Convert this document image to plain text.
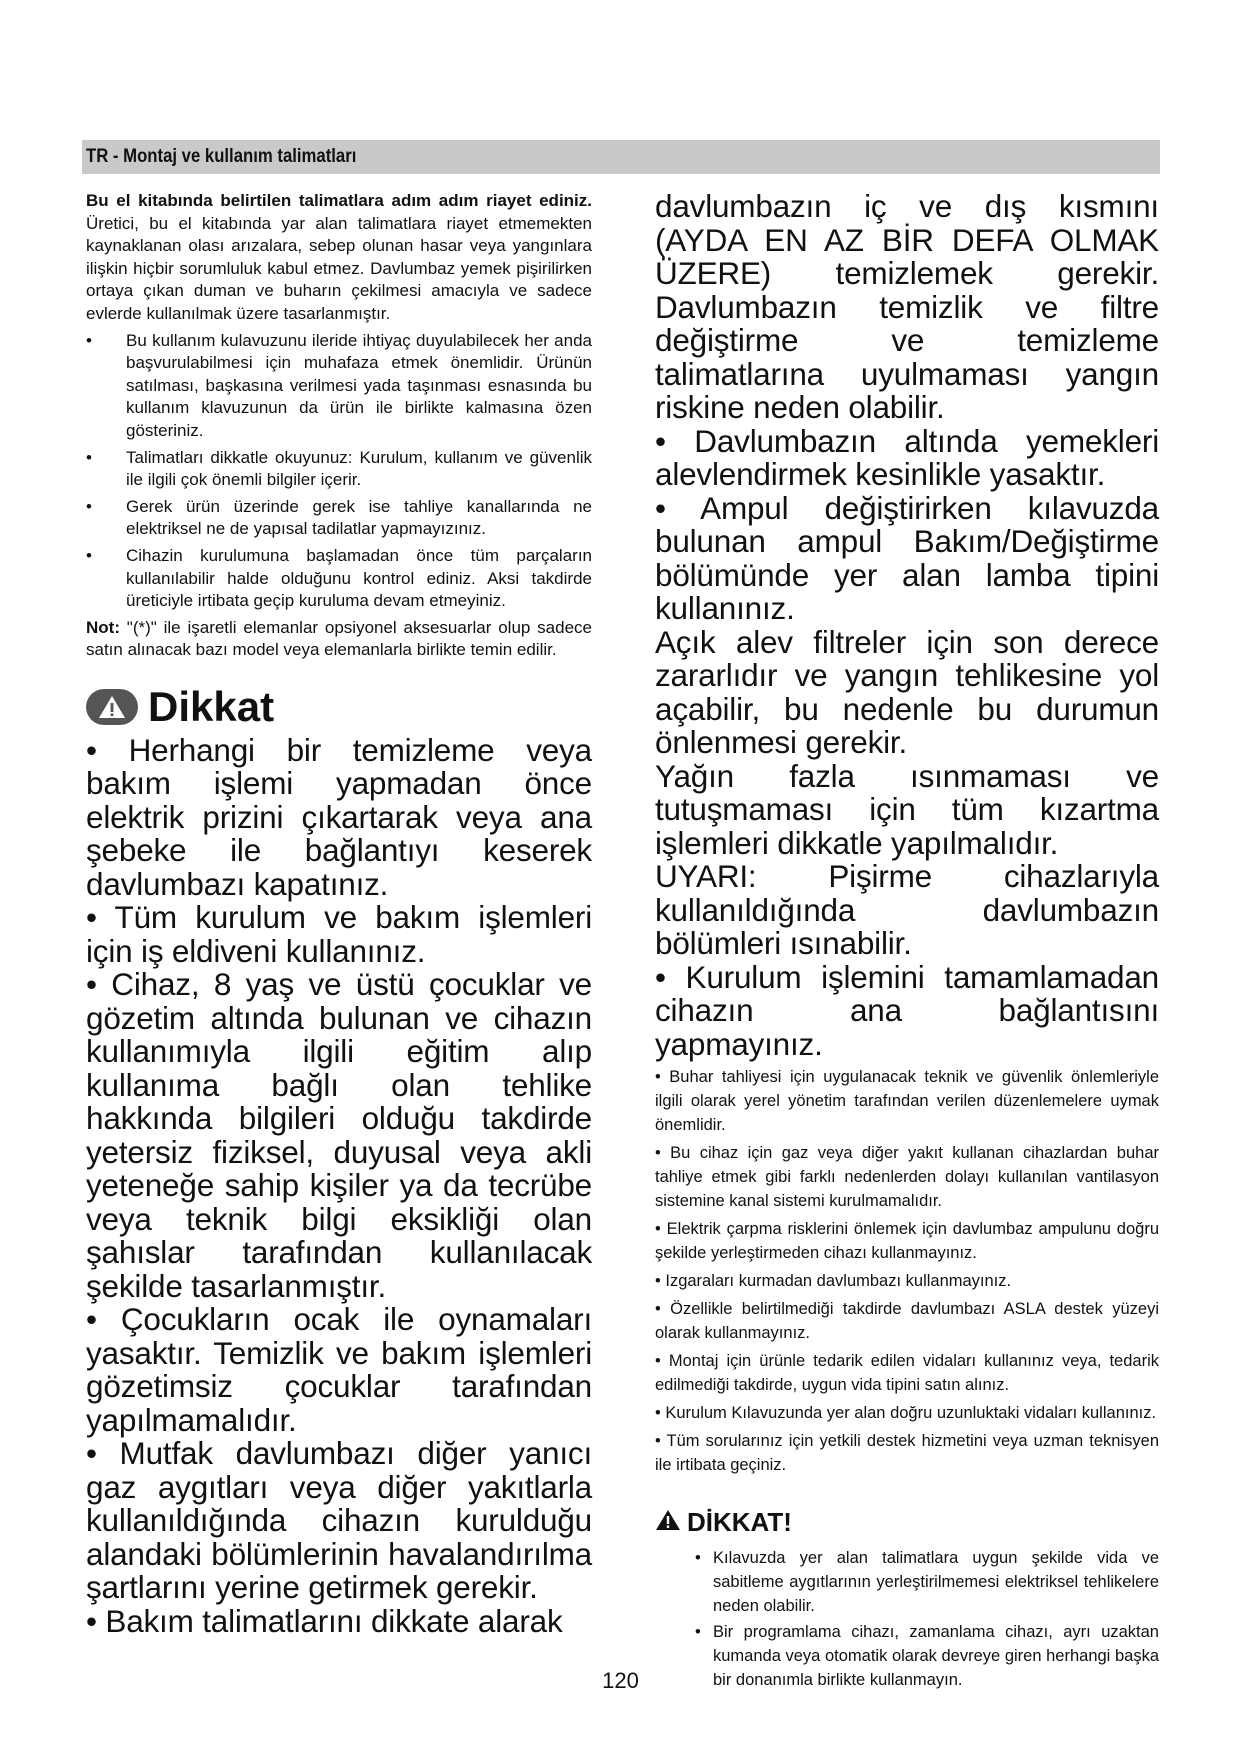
TR - Montaj ve kullanım talimatları

Bu el kitabında belirtilen talimatlara adım adım riayet ediniz. Üretici, bu el kitabında yar alan talimatlara riayet etmemekten kaynaklanan olası arızalara, sebep olunan hasar veya yangınlara ilişkin hiçbir sorumluluk kabul etmez. Davlumbaz yemek pişirilirken ortaya çıkan duman ve buharın çekilmesi amacıyla ve sadece evlerde kullanılmak üzere tasarlanmıştır.

• Bu kullanım kulavuzunu ileride ihtiyaç duyulabilecek her anda başvurulabilmesi için muhafaza etmek önemlidir. Ürünün satılması, başkasına verilmesi yada taşınması esnasında bu kullanım klavuzunun da ürün ile birlikte kalmasına özen gösteriniz.
• Talimatları dikkatle okuyunuz: Kurulum, kullanım ve güvenlik ile ilgili çok önemli bilgiler içerir.
• Gerek ürün üzerinde gerek ise tahliye kanallarında ne elektriksel ne de yapısal tadilatlar yapmayızınız.
• Cihazin kurulumuna başlamadan önce tüm parçaların kullanılabilir halde olduğunu kontrol ediniz. Aksi takdirde üreticiyle irtibata geçip kuruluma devam etmeyiniz.

Not: "(*)" ile işaretli elemanlar opsiyonel aksesuarlar olup sadece satın alınacak bazı model veya elemanlarla birlikte temin edilir.

Dikkat

• Herhangi bir temizleme veya bakım işlemi yapmadan önce elektrik prizini çıkartarak veya ana şebeke ile bağlantıyı keserek davlumbazı kapatınız.

• Tüm kurulum ve bakım işlemleri için iş eldiveni kullanınız.

• Cihaz, 8 yaş ve üstü çocuklar ve gözetim altında bulunan ve cihazın kullanımıyla ilgili eğitim alıp kullanıma bağlı olan tehlike hakkında bilgileri olduğu takdirde yetersiz fiziksel, duyusal veya akli yeteneğe sahip kişiler ya da tecrübe veya teknik bilgi eksikliği olan şahıslar tarafından kullanılacak şekilde tasarlanmıştır.

• Çocukların ocak ile oynamaları yasaktır. Temizlik ve bakım işlemleri gözetimsiz çocuklar tarafından yapılmamalıdır.

• Mutfak davlumbazı diğer yanıcı gaz aygıtları veya diğer yakıtlarla kullanıldığında cihazın kurulduğu alandaki bölümlerinin havalandırılma şartlarını yerine getirmek gerekir.

• Bakım talimatlarını dikkate alarak

davlumbazın iç ve dış kısmını (AYDA EN AZ BİR DEFA OLMAK ÜZERE) temizlemek gerekir. Davlumbazın temizlik ve filtre değiştirme ve temizleme talimatlarına uyulmaması yangın riskine neden olabilir.

• Davlumbazın altında yemekleri alevlendirmek kesinlikle yasaktır.

• Ampul değiştirirken kılavuzda bulunan ampul Bakım/Değiştirme bölümünde yer alan lamba tipini kullanınız.

Açık alev filtreler için son derece zararlıdır ve yangın tehlikesine yol açabilir, bu nedenle bu durumun önlenmesi gerekir.

Yağın fazla ısınmaması ve tutuşmaması için tüm kızartma işlemleri dikkatle yapılmalıdır.

UYARI: Pişirme cihazlarıyla kullanıldığında davlumbazın bölümleri ısınabilir.

• Kurulum işlemini tamamlamadan cihazın ana bağlantısını yapmayınız.

• Buhar tahliyesi için uygulanacak teknik ve güvenlik önlemleriyle ilgili olarak yerel yönetim tarafından verilen düzenlemelere uymak önemlidir.

• Bu cihaz için gaz veya diğer yakıt kullanan cihazlardan buhar tahliye etmek gibi farklı nedenlerden dolayı kullanılan vantilasyon sistemine kanal sistemi kurulmamalıdır.

• Elektrik çarpma risklerini önlemek için davlumbaz ampulunu doğru şekilde yerleştirmeden cihazı kullanmayınız.

• Izgaraları kurmadan davlumbazı kullanmayınız.

• Özellikle belirtilmediği takdirde davlumbazı ASLA destek yüzeyi olarak kullanmayınız.

• Montaj için ürünle tedarik edilen vidaları kullanınız veya, tedarik edilmediği takdirde, uygun vida tipini satın alınız.

• Kurulum Kılavuzunda yer alan doğru uzunluktaki vidaları kullanınız.

• Tüm sorularınız için yetkili destek hizmetini veya uzman teknisyen ile irtibata geçiniz.

DİKKAT!
• Kılavuzda yer alan talimatlara uygun şekilde vida ve sabitleme aygıtlarının yerleştirilmemesi elektriksel tehlikelere neden olabilir.
• Bir programlama cihazı, zamanlama cihazı, ayrı uzaktan kumanda veya otomatik olarak devreye giren herhangi başka bir donanımla birlikte kullanmayın.
120
